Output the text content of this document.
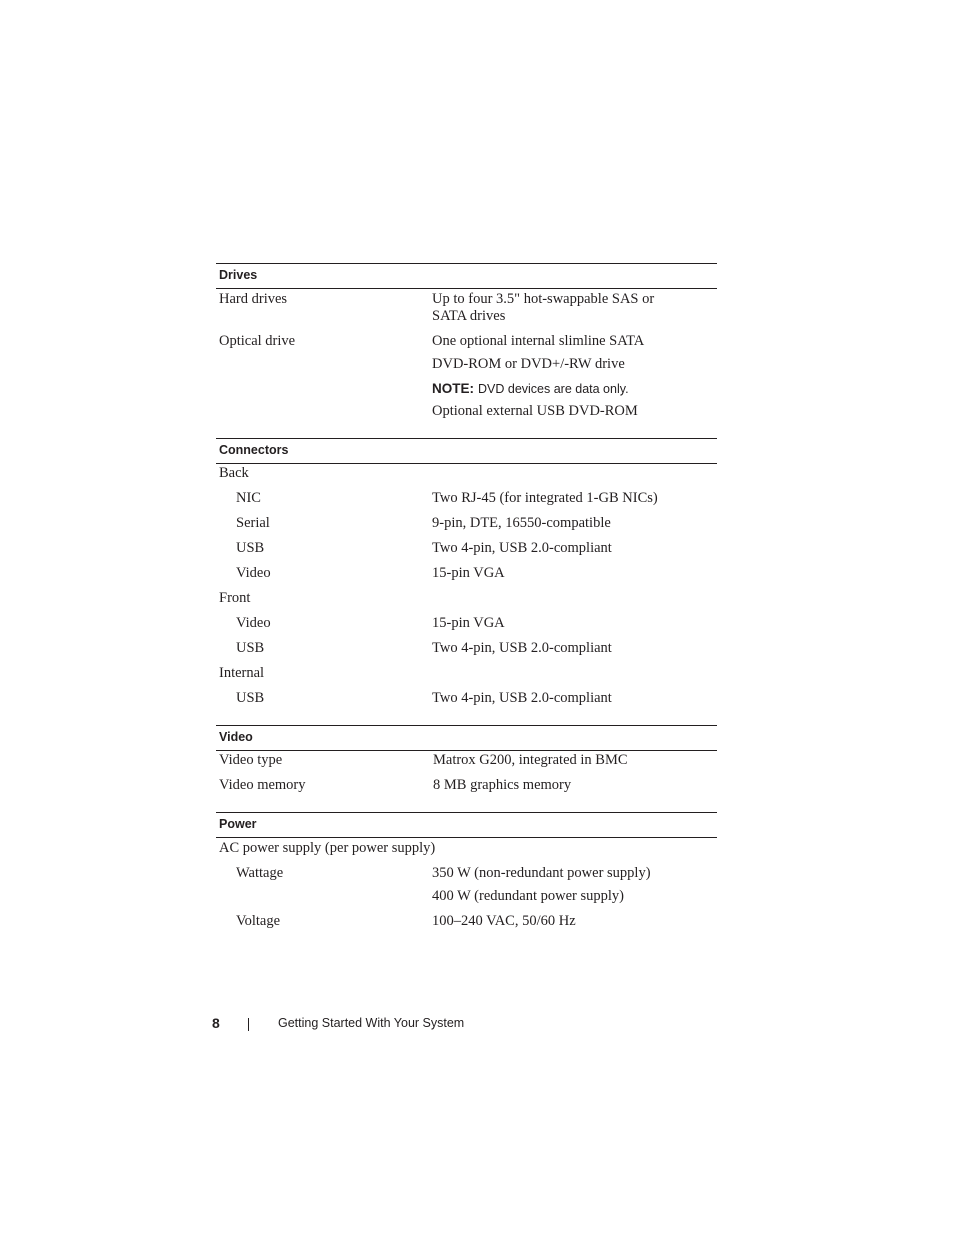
Drives
Hard drives	Up to four 3.5" hot-swappable SAS or
SATA drives
Optical drive	One optional internal slimline SATA
DVD-ROM or DVD+/-RW drive
NOTE: DVD devices are data only.
Optional external USB DVD-ROM
Connectors
Back
NIC	Two RJ-45 (for integrated 1-GB NICs)
Serial	9-pin, DTE, 16550-compatible
USB	Two 4-pin, USB 2.0-compliant
Video	15-pin VGA
Front
Video	15-pin VGA
USB	Two 4-pin, USB 2.0-compliant
Internal
USB	Two 4-pin, USB 2.0-compliant
Video
Video type	Matrox G200, integrated in BMC
Video memory	8 MB graphics memory
Power
AC power supply (per power supply)
Wattage	350 W (non-redundant power supply)
400 W (redundant power supply)
Voltage	100–240 VAC, 50/60 Hz
8	Getting Started With Your System
